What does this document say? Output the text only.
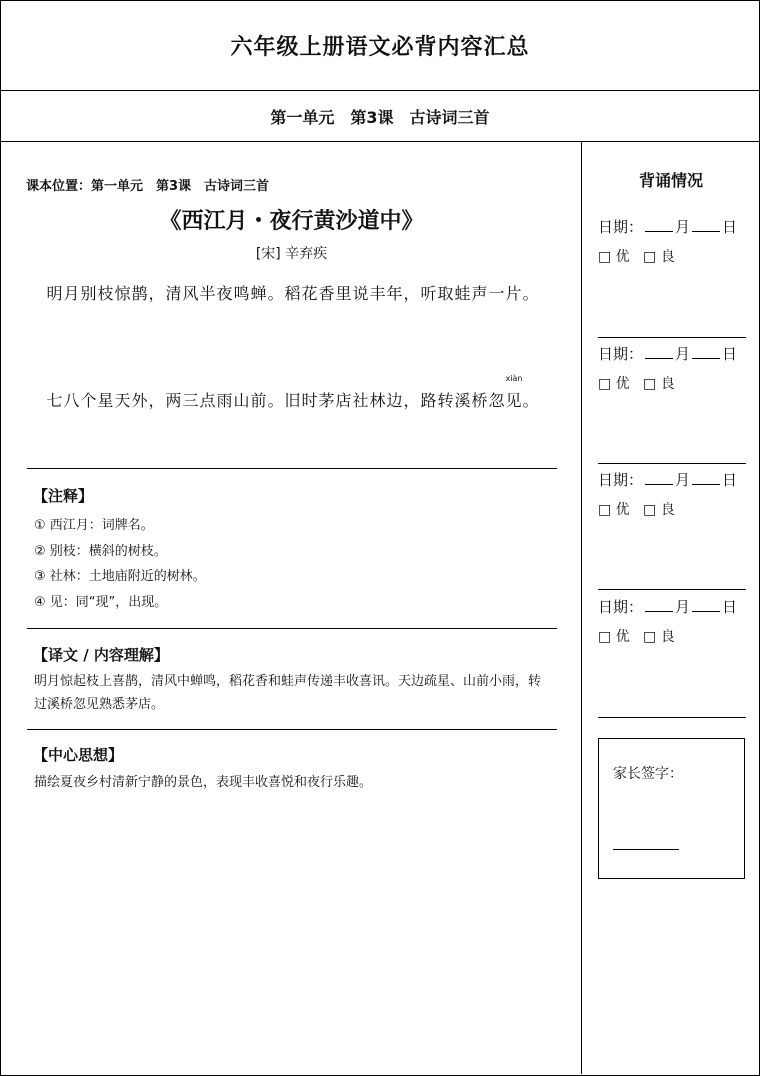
六年级上册语文必背内容汇总
第一单元　第3课　古诗词三首
课本位置：第一单元　第3课　古诗词三首
《西江月・夜行黄沙道中》
[宋] 辛弃疾
明月别枝惊鹊，清风半夜鸣蝉。稻花香里说丰年，听取蛙声一片。
七八个星天外，两三点雨山前。旧时茅店社林边，路转溪桥忽
xiàn
见。
【注释】
① 西江月：词牌名。
② 别枝：横斜的树枝。
③ 社林：土地庙附近的树林。
④ 见：同“现”，出现。
【译文 / 内容理解】
明月惊起枝上喜鹊，清风中蝉鸣，稻花香和蛙声传递丰收喜讯。天边疏星、山前小雨，转过溪桥忽见熟悉茅店。
【中心思想】
描绘夏夜乡村清新宁静的景色，表现丰收喜悦和夜行乐趣。
背诵情况
日期： 月 日
□ 优 □ 良
日期： 月 日
□ 优 □ 良
日期： 月 日
□ 优 □ 良
日期： 月 日
□ 优 □ 良
家长签字：
